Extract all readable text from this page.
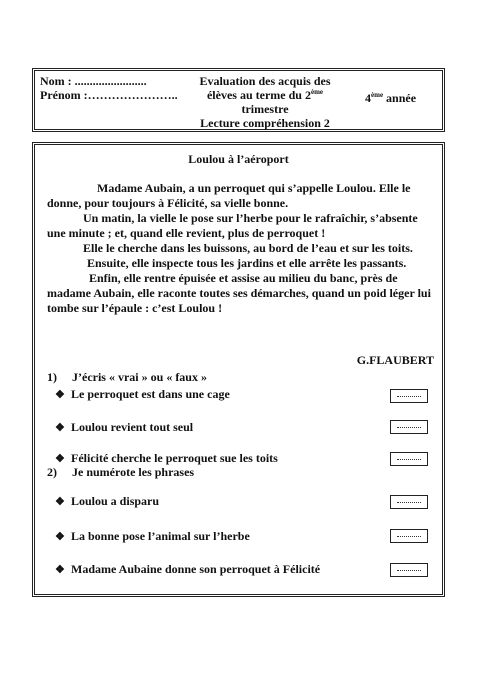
Nom : ........................
Prénom :…………………..
Evaluation des acquis des
élèves au terme du 2ème
trimestre
Lecture compréhension 2
4ème année
Loulou à l’aéroport

Madame Aubain, a un perroquet qui s’appelle Loulou. Elle le donne, pour toujours à Félicité, sa vielle bonne.

Un matin, la vielle le pose sur l’herbe pour le rafraîchir, s’absente une minute ; et, quand elle revient, plus de perroquet !

Elle le cherche dans les buissons, au bord de l’eau et sur les toits.

Ensuite, elle inspecte tous les jardins et elle arrête les passants.

Enfin, elle rentre épuisée et assise au milieu du banc, près de madame Aubain, elle raconte toutes ses démarches, quand un poid léger lui tombe sur l’épaule : c’est Loulou !

G.FLAUBERT
1) J’écris « vrai » ou « faux »
❖ Le perroquet est dans une cage
❖ Loulou revient tout seul
❖ Félicité cherche le perroquet sue les toits
2) Je numérote les phrases
❖ Loulou a disparu
❖ La bonne pose l’animal sur l’herbe
❖ Madame Aubaine donne son perroquet à Félicité
